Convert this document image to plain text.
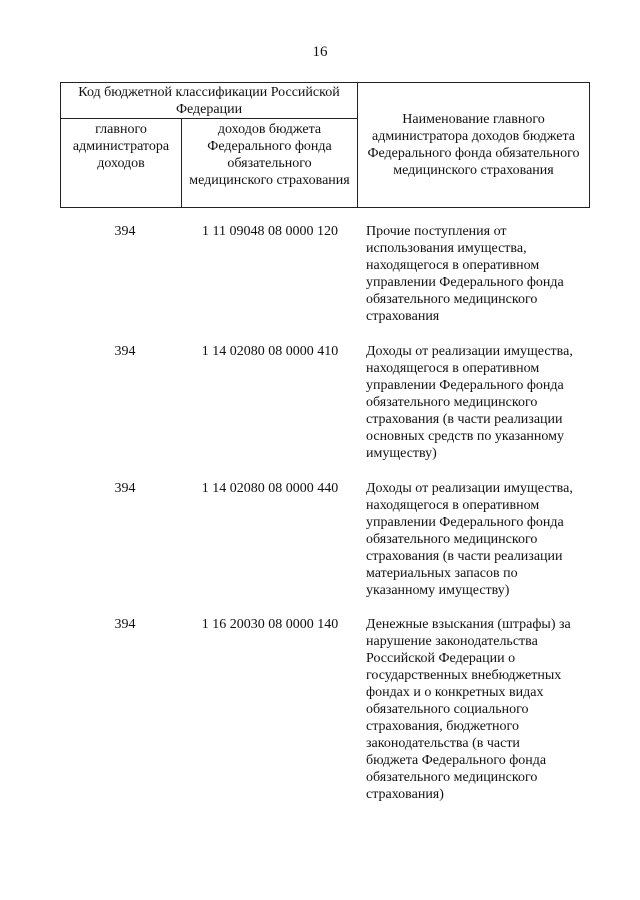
16
Код бюджетной классификации Российской Федерации		Наименование главного администратора доходов бюджета Федерального фонда обязательного медицинского страхования
главного администратора доходов	доходов бюджета Федерального фонда обязательного медицинского страхования	
394	1 11 09048 08 0000 120	Прочие поступления от
использования имущества,
находящегося в оперативном
управлении Федерального фонда
обязательного медицинского
страхования
394	1 14 02080 08 0000 410	Доходы от реализации имущества,
находящегося в оперативном
управлении Федерального фонда
обязательного медицинского
страхования (в части реализации
основных средств по указанному
имуществу)
394	1 14 02080 08 0000 440	Доходы от реализации имущества,
находящегося в оперативном
управлении Федерального фонда
обязательного медицинского
страхования (в части реализации
материальных запасов по
указанному имуществу)
394	1 16 20030 08 0000 140	Денежные взыскания (штрафы) за
нарушение законодательства
Российской Федерации о
государственных внебюджетных
фондах и о конкретных видах
обязательного социального
страхования, бюджетного
законодательства (в части
бюджета Федерального фонда
обязательного медицинского
страхования)
